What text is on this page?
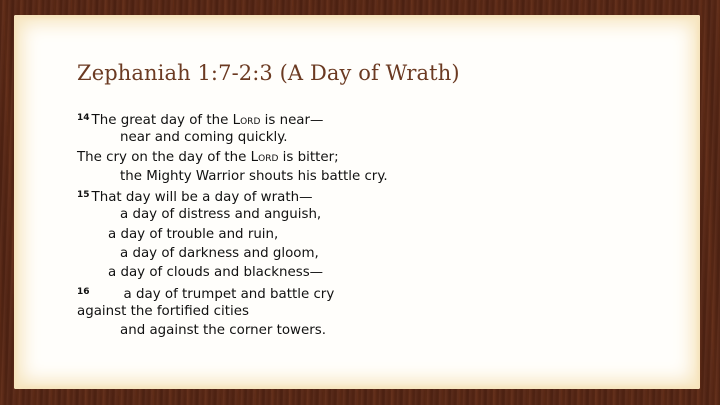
Zephaniah 1:7-2:3 (A Day of Wrath)
$^{14}$ The great day of the Lord is near—
near and coming quickly.
The cry on the day of the Lord is bitter;
the Mighty Warrior shouts his battle cry.
$^{15}$ That day will be a day of wrath—
a day of distress and anguish,
a day of trouble and ruin,
a day of darkness and gloom,
a day of clouds and blackness—
$^{16}$	a day of trumpet and battle cry
against the fortified cities
and against the corner towers.
